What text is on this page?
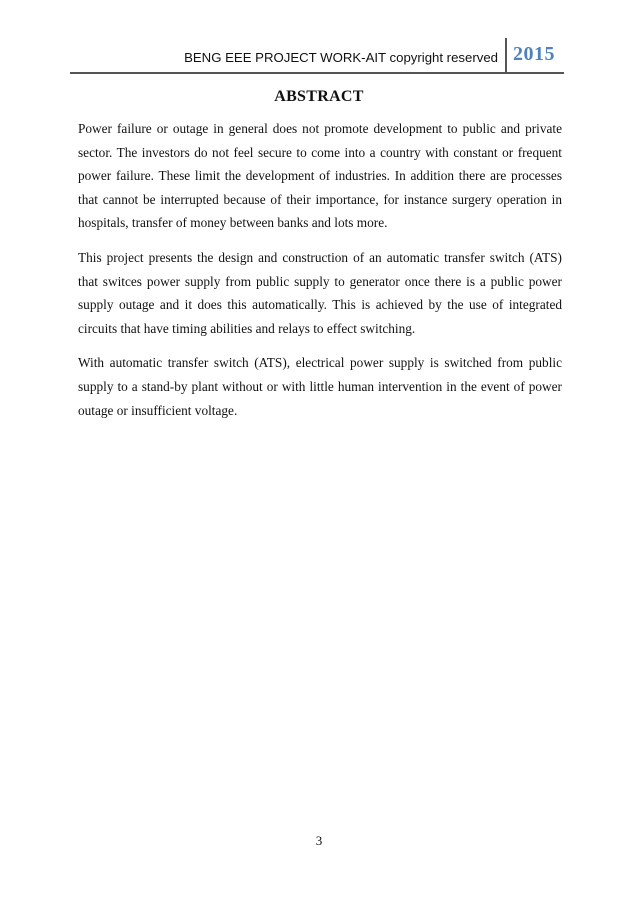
BENG EEE PROJECT WORK-AIT copyright reserved 2015
ABSTRACT

Power failure or outage in general does not promote development to public and private sector. The investors do not feel secure to come into a country with constant or frequent power failure. These limit the development of industries. In addition there are processes that cannot be interrupted because of their importance, for instance surgery operation in hospitals, transfer of money between banks and lots more.

This project presents the design and construction of an automatic transfer switch (ATS) that switces power supply from public supply to generator once there is a public power supply outage and it does this automatically. This is achieved by the use of integrated circuits that have timing abilities and relays to effect switching.

With automatic transfer switch (ATS), electrical power supply is switched from public supply to a stand-by plant without or with little human intervention in the event of power outage or insufficient voltage.

3
